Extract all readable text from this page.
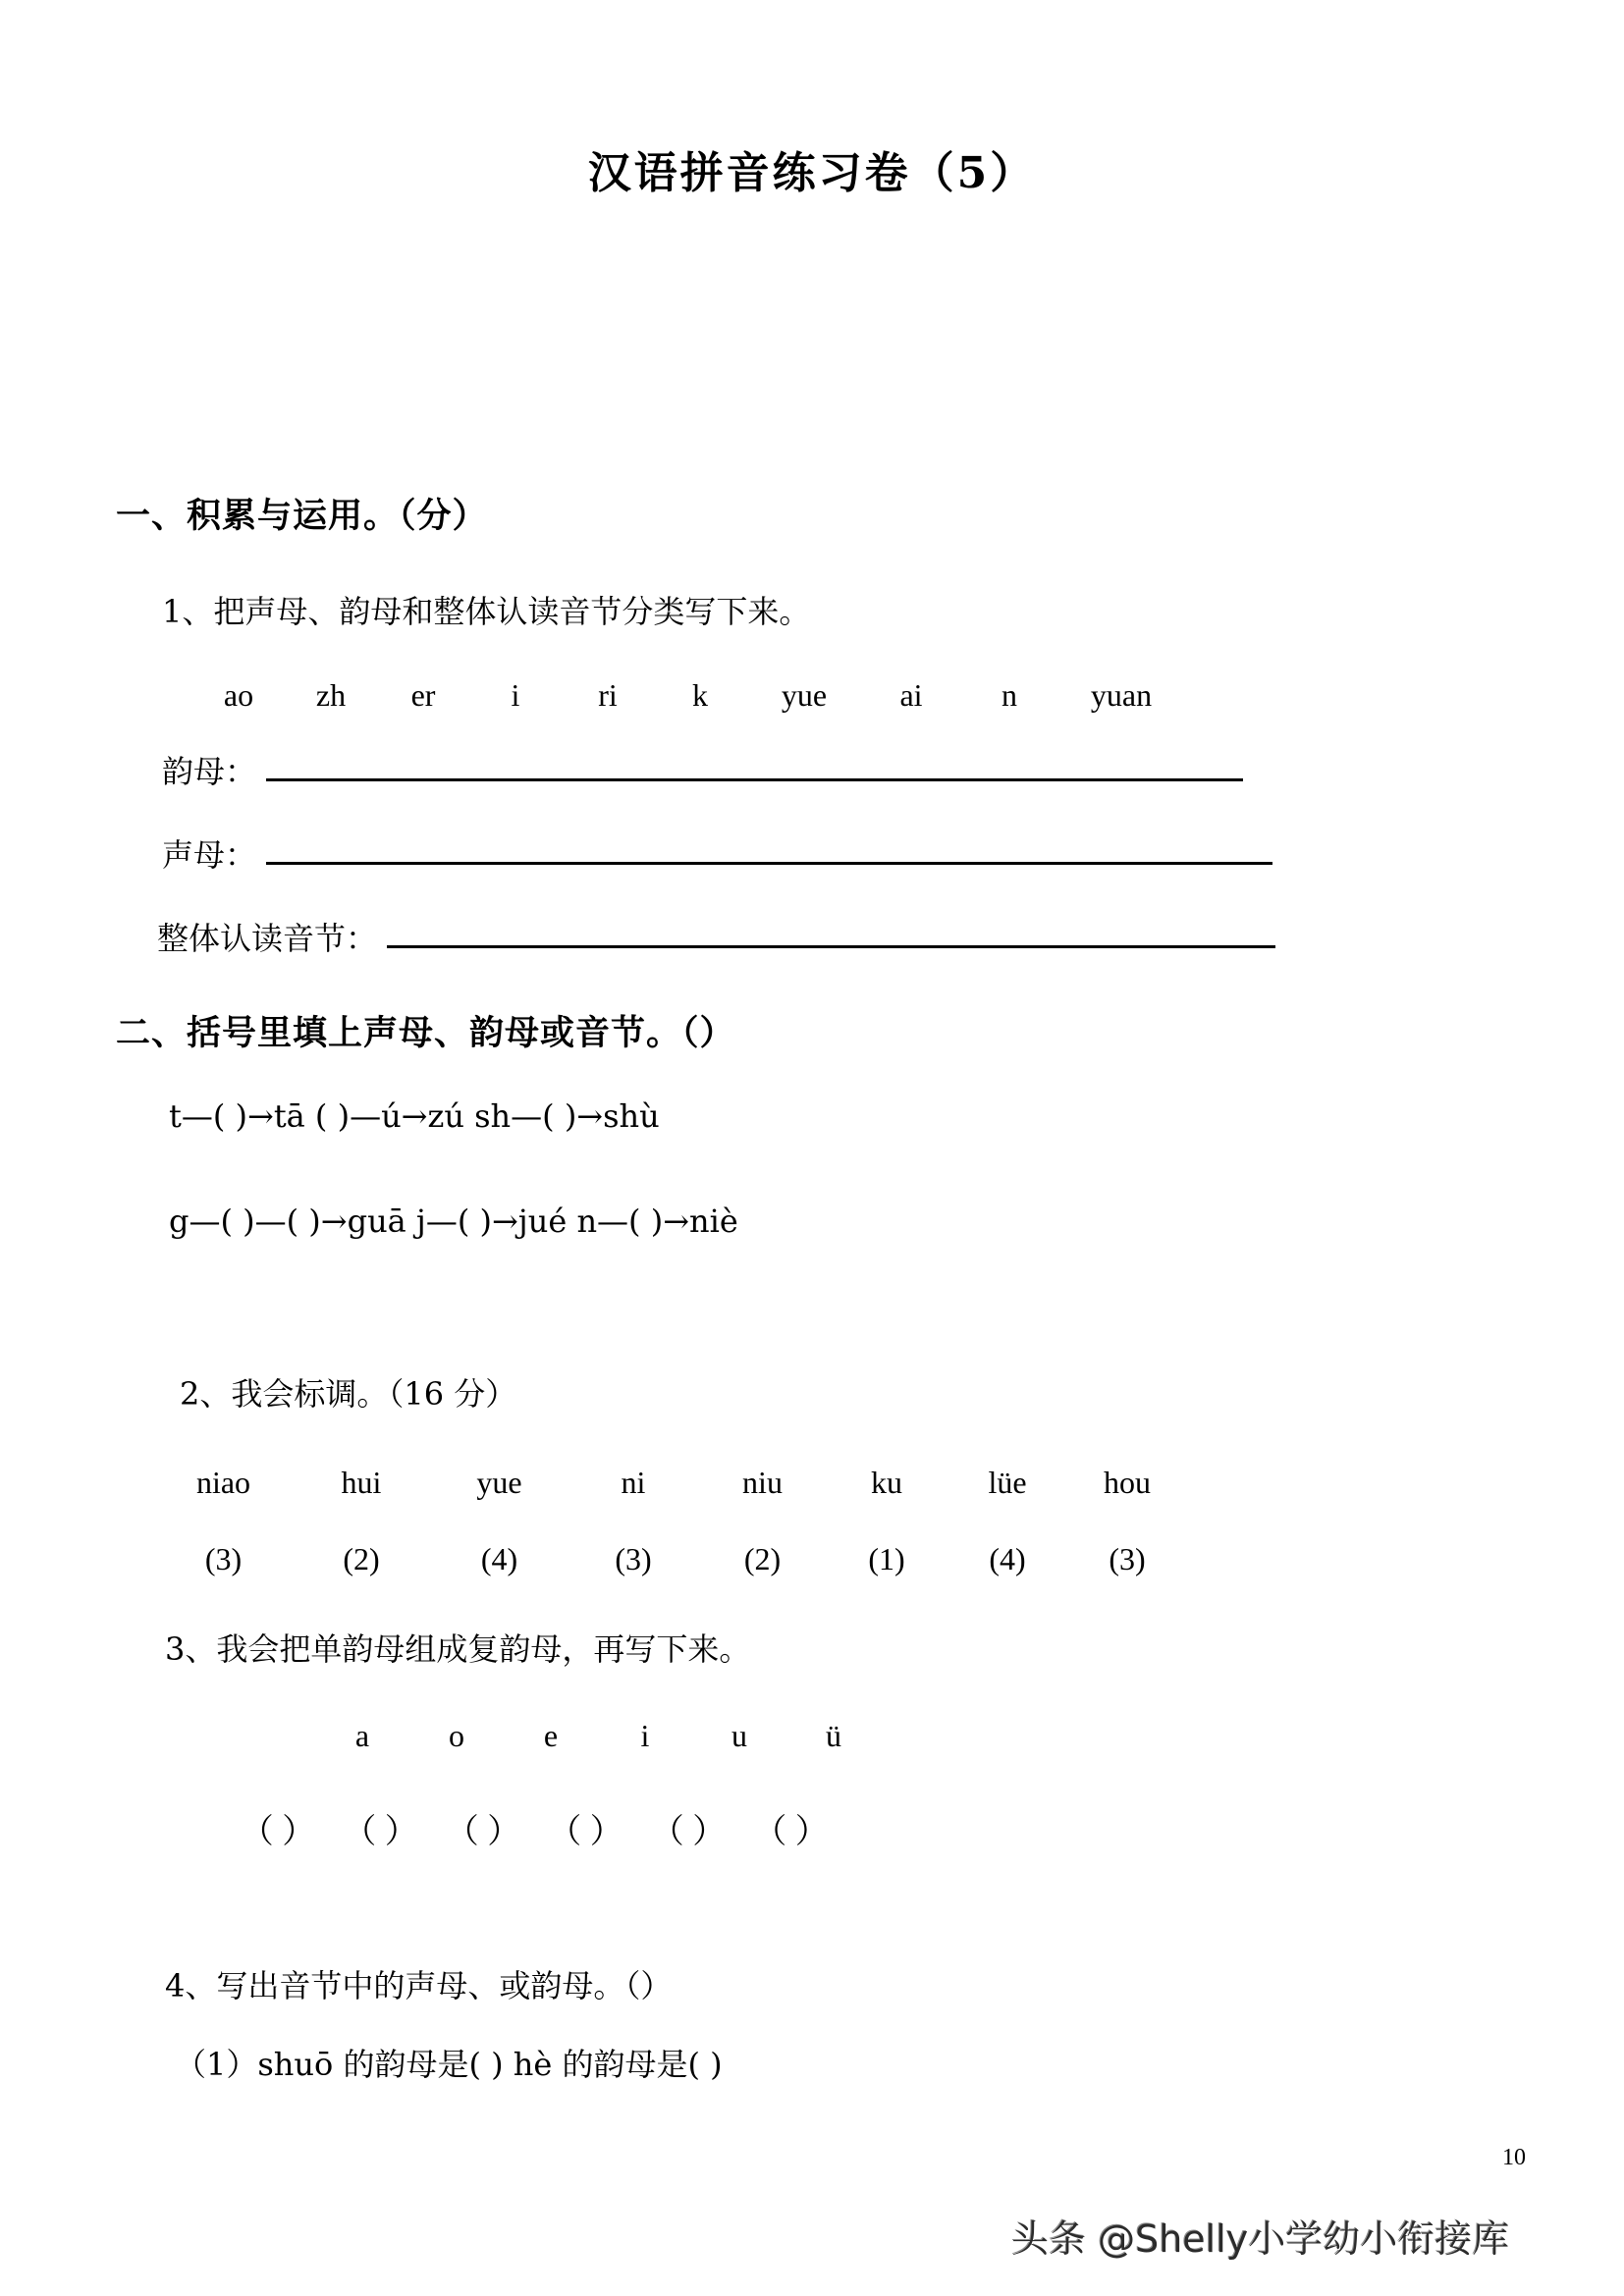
汉语拼音练习卷（5）
一、积累与运用。（分）
1、把声母、韵母和整体认读音节分类写下来。
ao zh er i ri k yue ai	n yuan
韵母：
声母：
整体认读音节：
二、括号里填上声母、韵母或音节。（）
t—( )→tā ( )—ú→zú sh—( )→shù
g—( )—( )→guā j—( )→jué n—( )→niè
2、我会标调。（16 分）
niao	hui	yue	ni	niu	ku	lüe hou
(3)	(2)	(4)	(3)	(2)	(1)	(4)	(3)
3、我会把单韵母组成复韵母，再写下来。
a	o	e	i	u	ü
（ ） （ ） （ ） （ ） （ ） （ ）
4、写出音节中的声母、或韵母。（）
（1）shuō 的韵母是( ) hè 的韵母是( )
10
头条 @Shelly小学幼小衔接库
